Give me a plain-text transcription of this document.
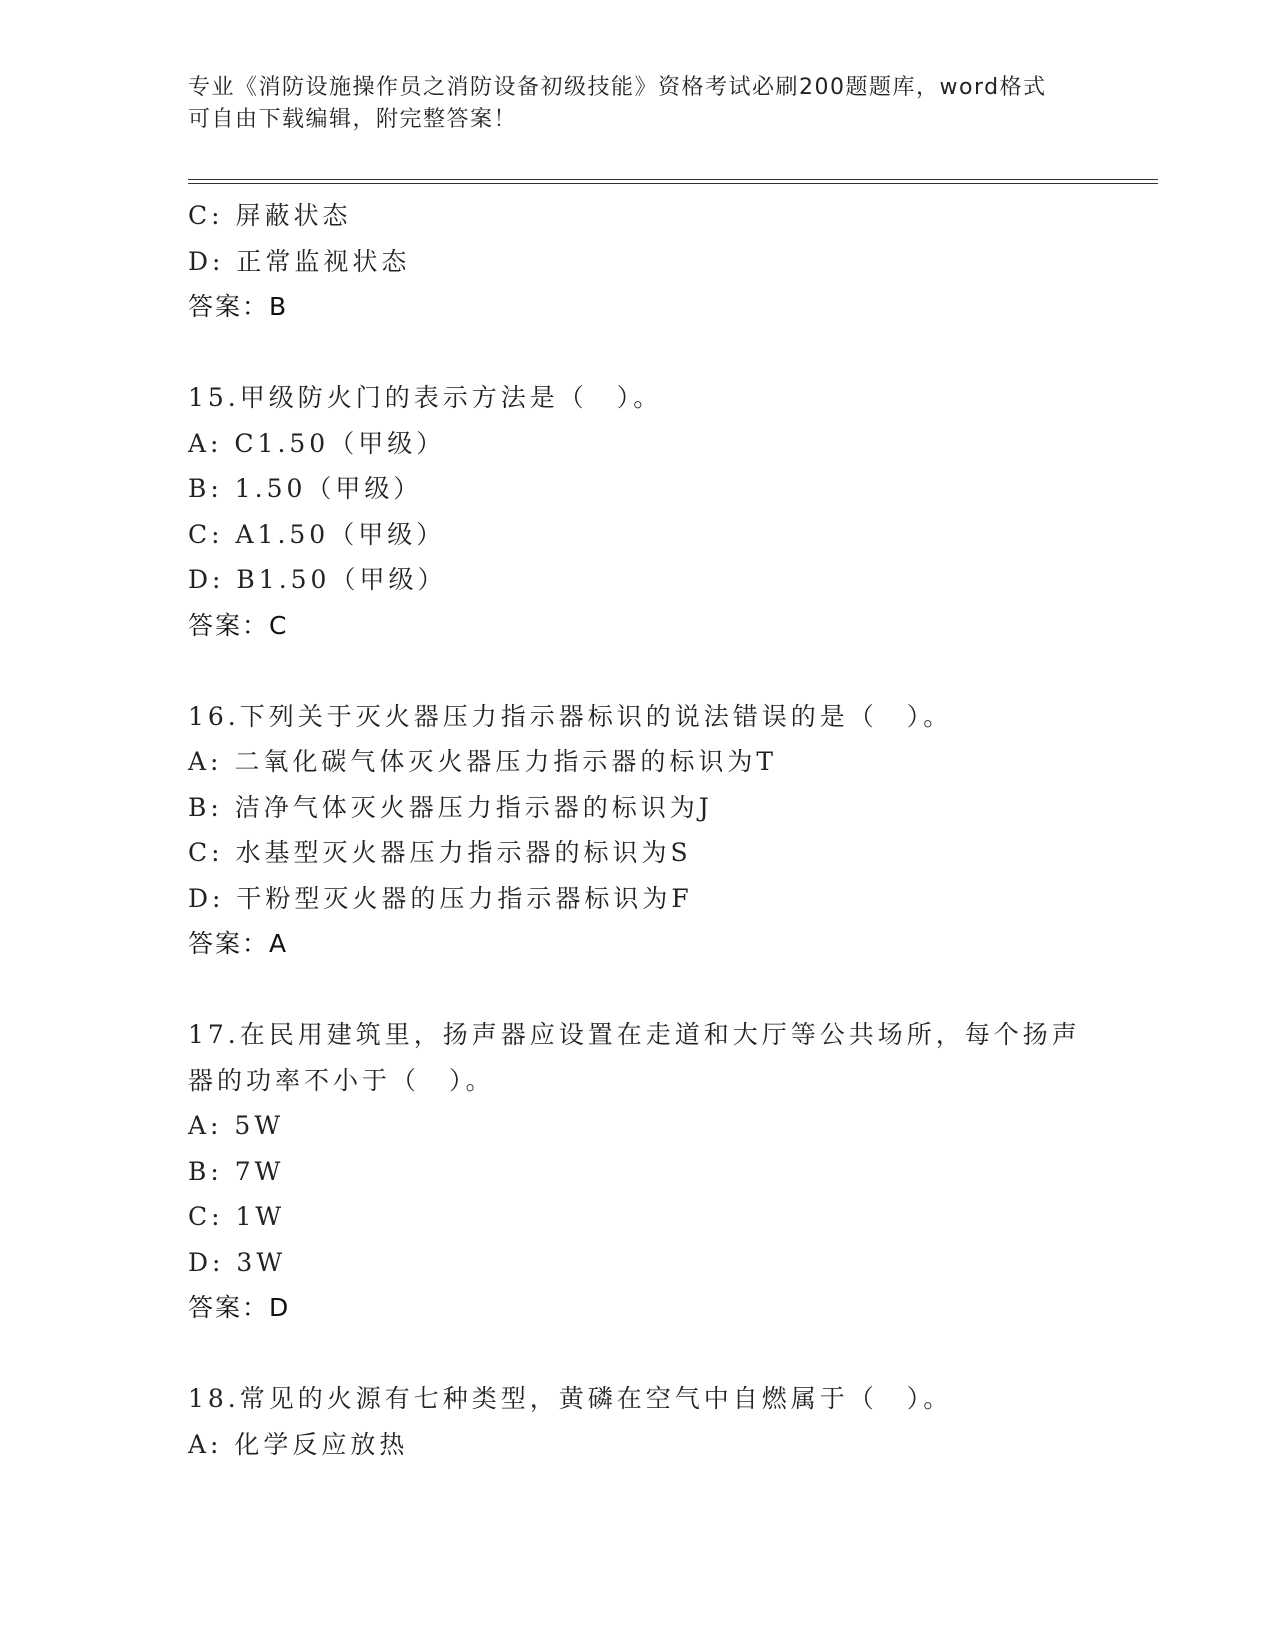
专业《消防设施操作员之消防设备初级技能》资格考试必刷200题题库，word格式可自由下载编辑，附完整答案！
C: 屏蔽状态
D: 正常监视状态
答案：B
15.甲级防火门的表示方法是（　）。
A: C1.50（甲级）
B: 1.50（甲级）
C: A1.50（甲级）
D: B1.50（甲级）
答案：C
16.下列关于灭火器压力指示器标识的说法错误的是（　）。
A: 二氧化碳气体灭火器压力指示器的标识为T
B: 洁净气体灭火器压力指示器的标识为J
C: 水基型灭火器压力指示器的标识为S
D: 干粉型灭火器的压力指示器标识为F
答案：A
17.在民用建筑里，扬声器应设置在走道和大厅等公共场所，每个扬声
器的功率不小于（　）。
A: 5W
B: 7W
C: 1W
D: 3W
答案：D
18.常见的火源有七种类型，黄磷在空气中自燃属于（　）。
A: 化学反应放热
